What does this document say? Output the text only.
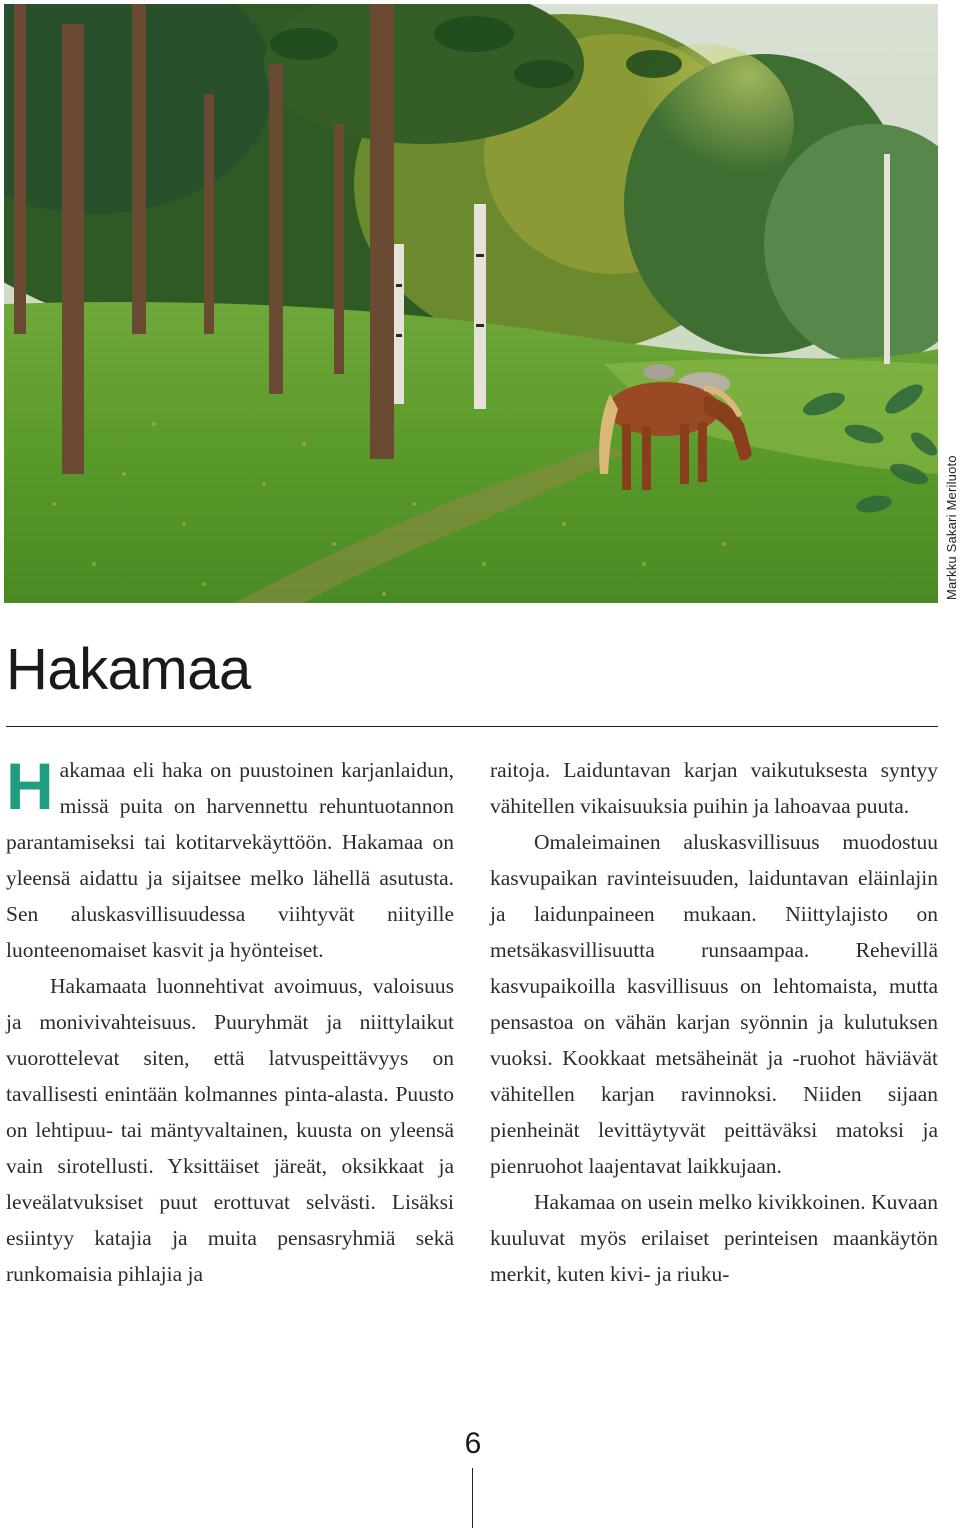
Markku Sakari Meriluoto
Hakamaa

Hakamaa eli haka on puustoinen karjanlaidun, missä puita on harvennettu rehuntuotannon parantamiseksi tai kotitarvekäyttöön. Hakamaa on yleensä aidattu ja sijaitsee melko lähellä asutusta. Sen aluskasvillisuudessa viihtyvät niityille luonteenomaiset kasvit ja hyönteiset.

Hakamaata luonnehtivat avoimuus, valoisuus ja monivivahteisuus. Puuryhmät ja niittylaikut vuorottelevat siten, että latvuspeittävyys on tavallisesti enintään kolmannes pinta-alasta. Puusto on lehtipuu- tai mäntyvaltainen, kuusta on yleensä vain sirotellusti. Yksittäiset järeät, oksikkaat ja leveälatvuksiset puut erottuvat selvästi. Lisäksi esiintyy katajia ja muita pensasryhmiä sekä runkomaisia pihlajia ja

raitoja. Laiduntavan karjan vaikutuksesta syntyy vähitellen vikaisuuksia puihin ja lahoavaa puuta.

Omaleimainen aluskasvillisuus muodostuu kasvupaikan ravinteisuuden, laiduntavan eläinlajin ja laidunpaineen mukaan. Niittylajisto on metsäkasvillisuutta runsaampaa. Rehevillä kasvupaikoilla kasvillisuus on lehtomaista, mutta pensastoa on vähän karjan syönnin ja kulutuksen vuoksi. Kookkaat metsäheinät ja -ruohot häviävät vähitellen karjan ravinnoksi. Niiden sijaan pienheinät levittäytyvät peittäväksi matoksi ja pienruohot laajentavat laikkujaan.

Hakamaa on usein melko kivikkoinen. Kuvaan kuuluvat myös erilaiset perinteisen maankäytön merkit, kuten kivi- ja riuku-

6
